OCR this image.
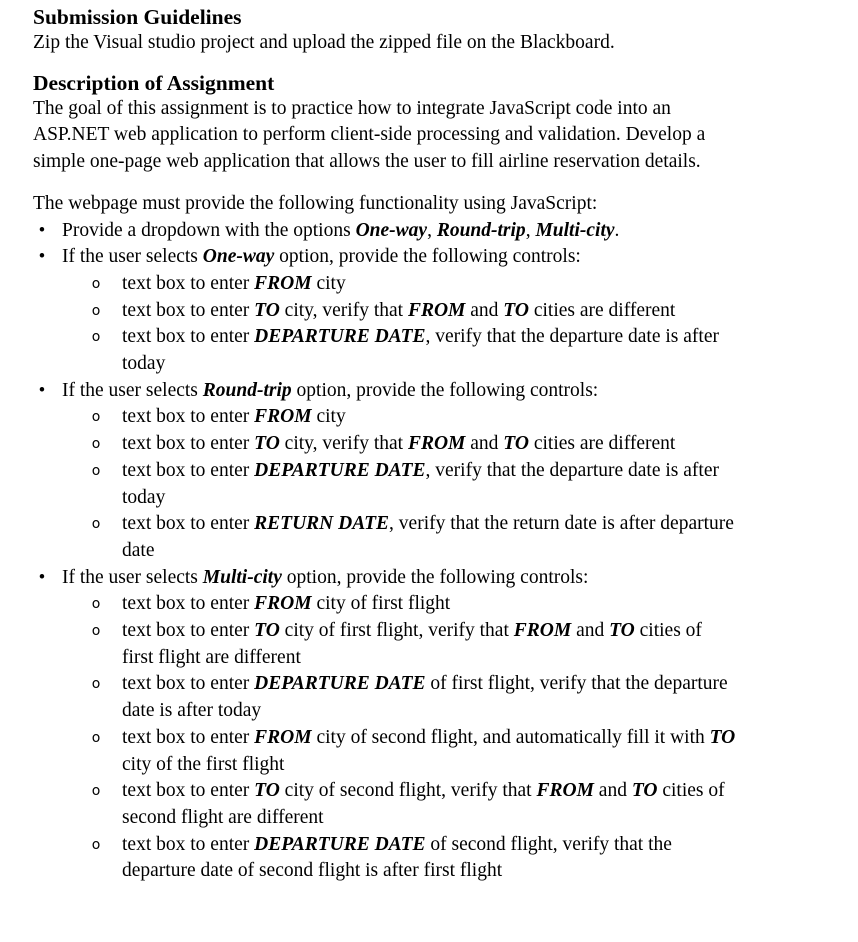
Submission Guidelines

Zip the Visual studio project and upload the zipped file on the Blackboard.

Description of Assignment

The goal of this assignment is to practice how to integrate JavaScript code into an
ASP.NET web application to perform client-side processing and validation. Develop a
simple one-page web application that allows the user to fill airline reservation details.

The webpage must provide the following functionality using JavaScript:

• Provide a dropdown with the options One-way, Round-trip, Multi-city.
• If the user selects One-way option, provide the following controls:
o text box to enter FROM city
o text box to enter TO city, verify that FROM and TO cities are different
o text box to enter DEPARTURE DATE, verify that the departure date is after
today
• If the user selects Round-trip option, provide the following controls:
o text box to enter FROM city
o text box to enter TO city, verify that FROM and TO cities are different
o text box to enter DEPARTURE DATE, verify that the departure date is after
today
o text box to enter RETURN DATE, verify that the return date is after departure
date
• If the user selects Multi-city option, provide the following controls:
o text box to enter FROM city of first flight
o text box to enter TO city of first flight, verify that FROM and TO cities of
first flight are different
o text box to enter DEPARTURE DATE of first flight, verify that the departure
date is after today
o text box to enter FROM city of second flight, and automatically fill it with TO
city of the first flight
o text box to enter TO city of second flight, verify that FROM and TO cities of
second flight are different
o text box to enter DEPARTURE DATE of second flight, verify that the
departure date of second flight is after first flight
